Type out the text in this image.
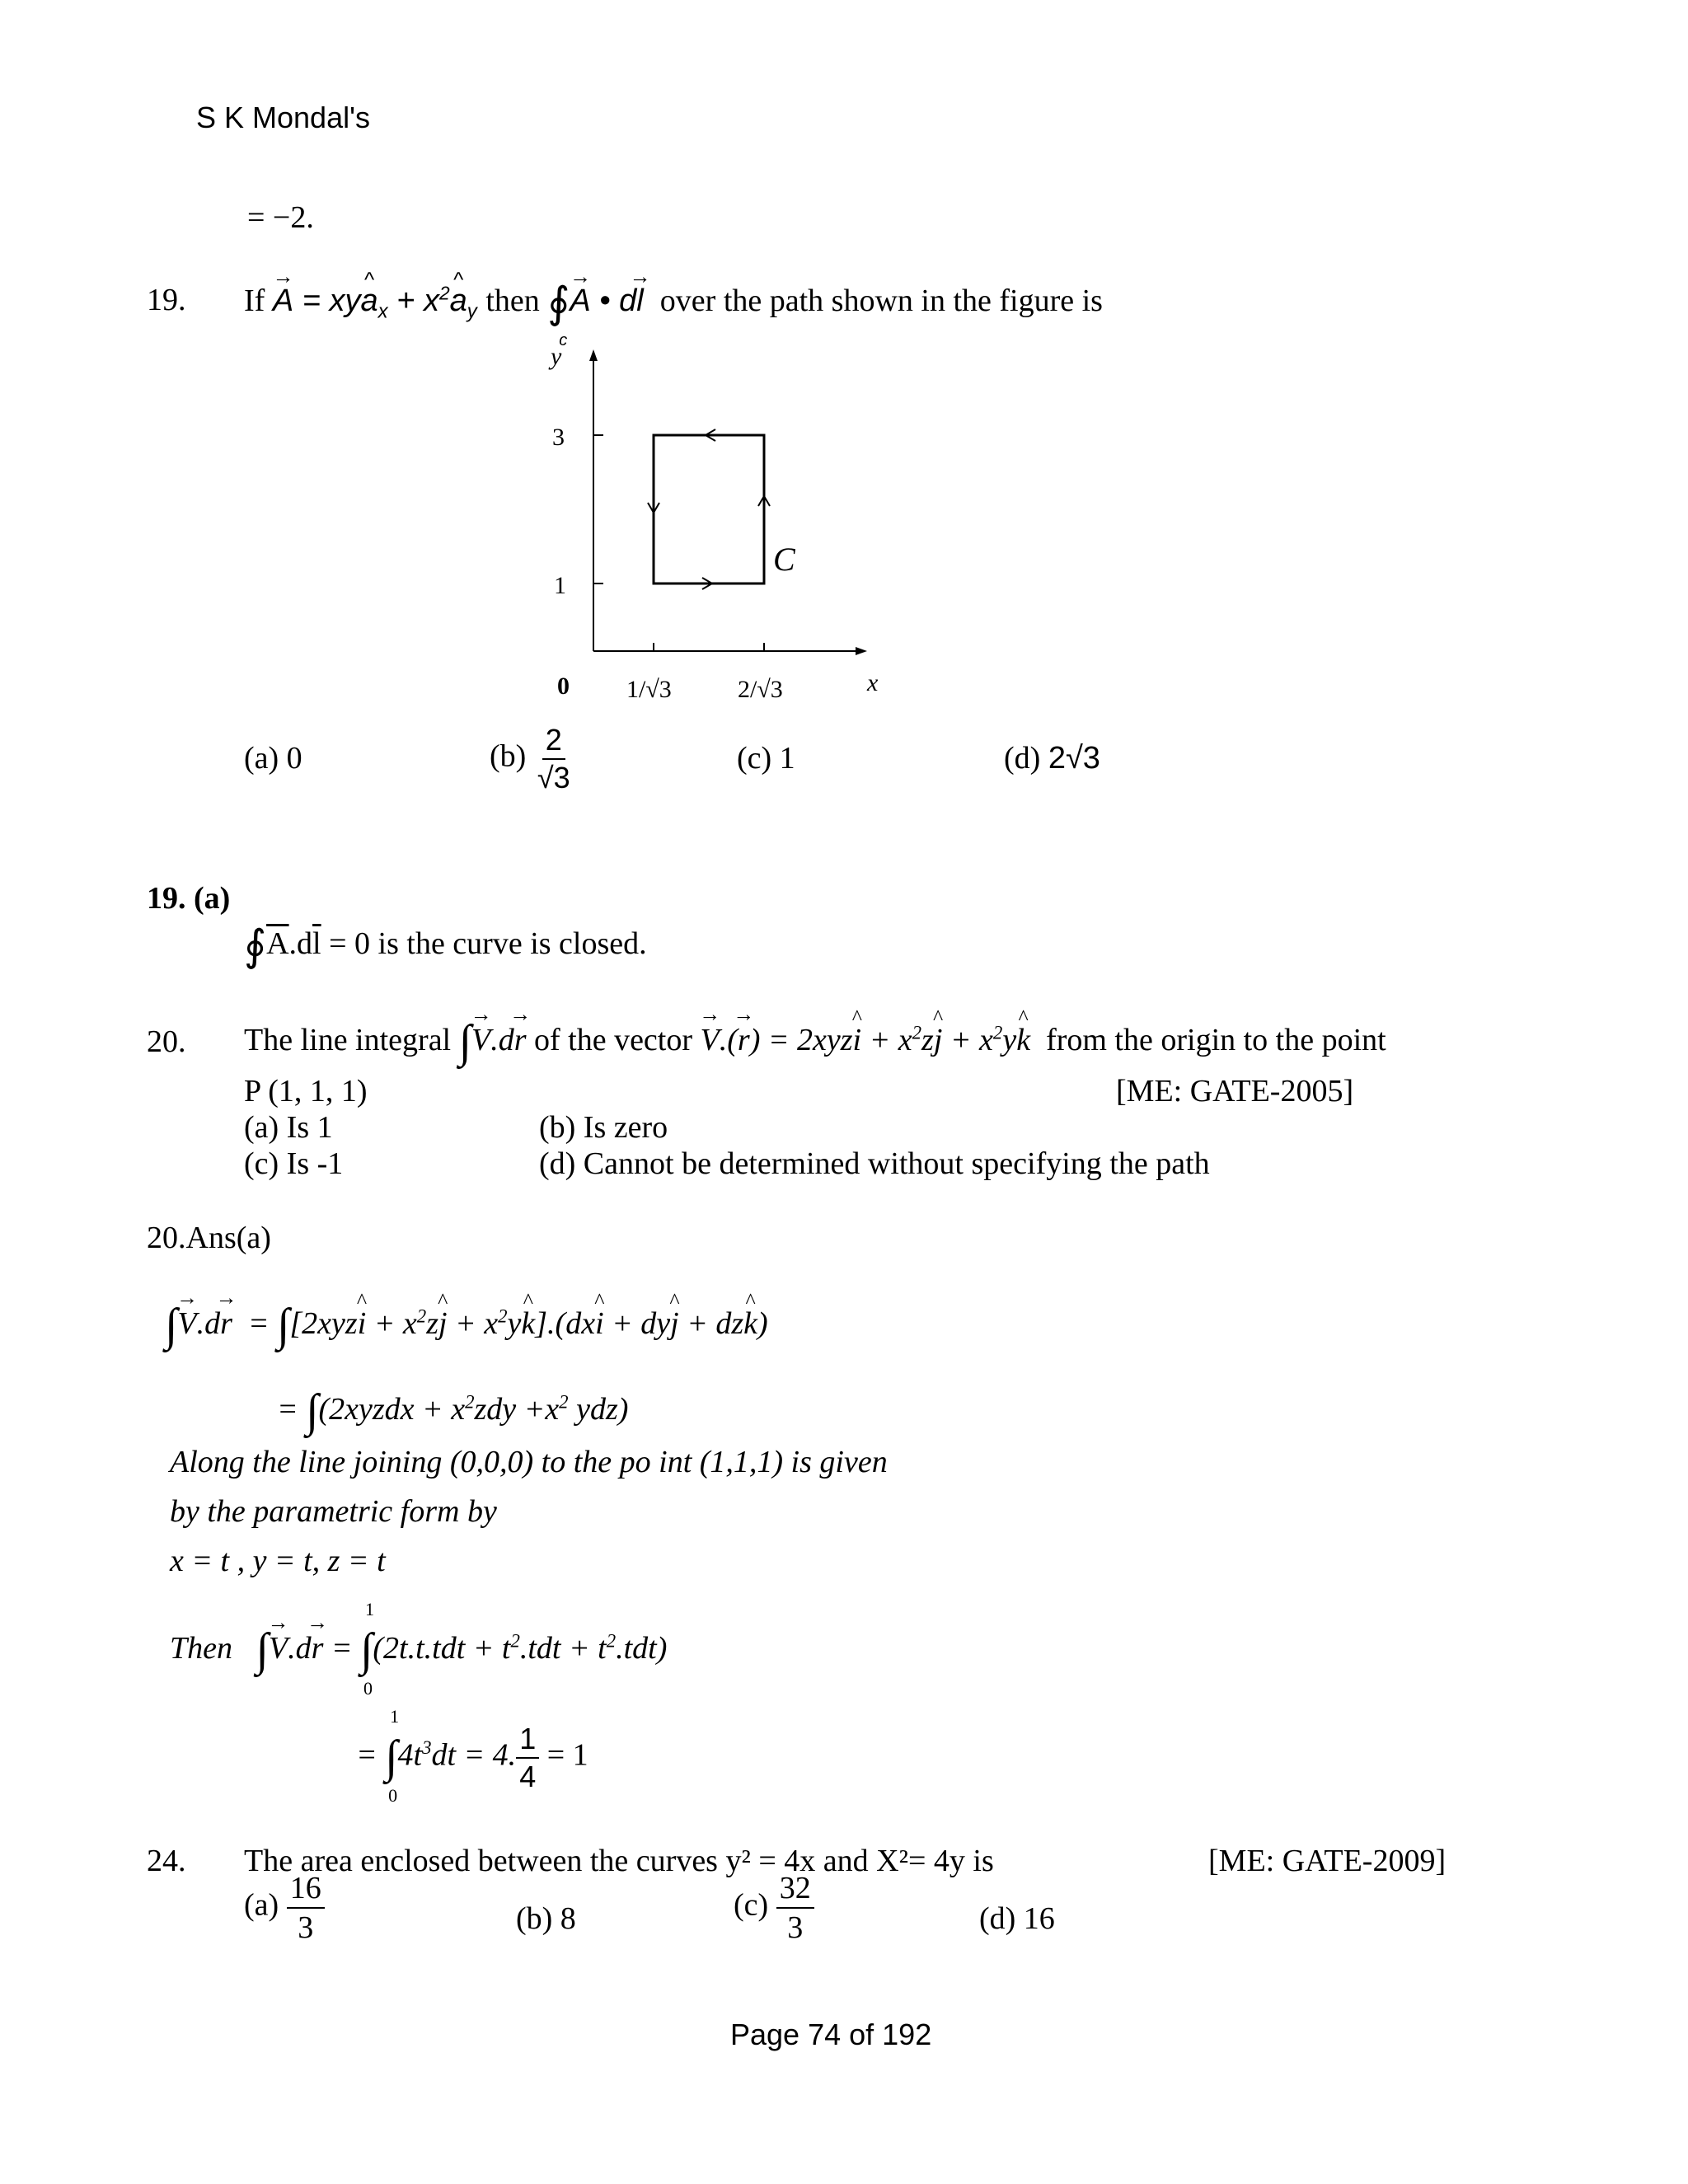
S K Mondal's
= −2.
19. If → A = xy^ $a_x$ + $x^2\^{}$ $a_y$ then ∮→ A • d→ l
c
over the path shown in the figure is
y
3
1
0 1/√3	2/√3	x
C
(a) 0	$(b) \frac{2}{√3}$	(c) 1	(d) 2√3
19. (a)
$∮\overline{A}.d\overline{l} = 0$ is the curve is closed.
20. The line integral ∫→ V.d→ r of the vector → V.(→ r) = 2xyz^ $i + x^2z\^{}$ $j + x^2y\^{}$ k from the origin to the point
P (1, 1, 1)	[ME: GATE-2005]
(a) Is 1	(b) Is zero
(c) Is -1	(d) Cannot be determined without specifying the path
20.Ans(a)
∫→ V.d→ r  = ∫[2xyz^ $i + x^2z\^{}$ $j + x^2y\^{}$ k].(dx^ i + dy^ j + dz^ k)
= ∫(2xyzdx + $x^2zdy +x^2$ ydz)
Along the line joining (0,0,0) to the po int (1,1,1) is given
by the parametric form by
x = t , y = t, z = t
Then ∫→ V.d→ r = ∫
1
0
$(2t.t.tdt + t^2.tdt + t^2.tdt)$
= ∫
1
0
$4t^3dt = 4$. $\frac{1}{4} = 1$
24. The area enclosed between the curves y² = 4x and X²= 4y is	[ME: GATE-2009]
$(a) \frac{16}{3}$	(b) 8	$(c) \frac{32}{3}$	(d) 16
Page 74 of 192
